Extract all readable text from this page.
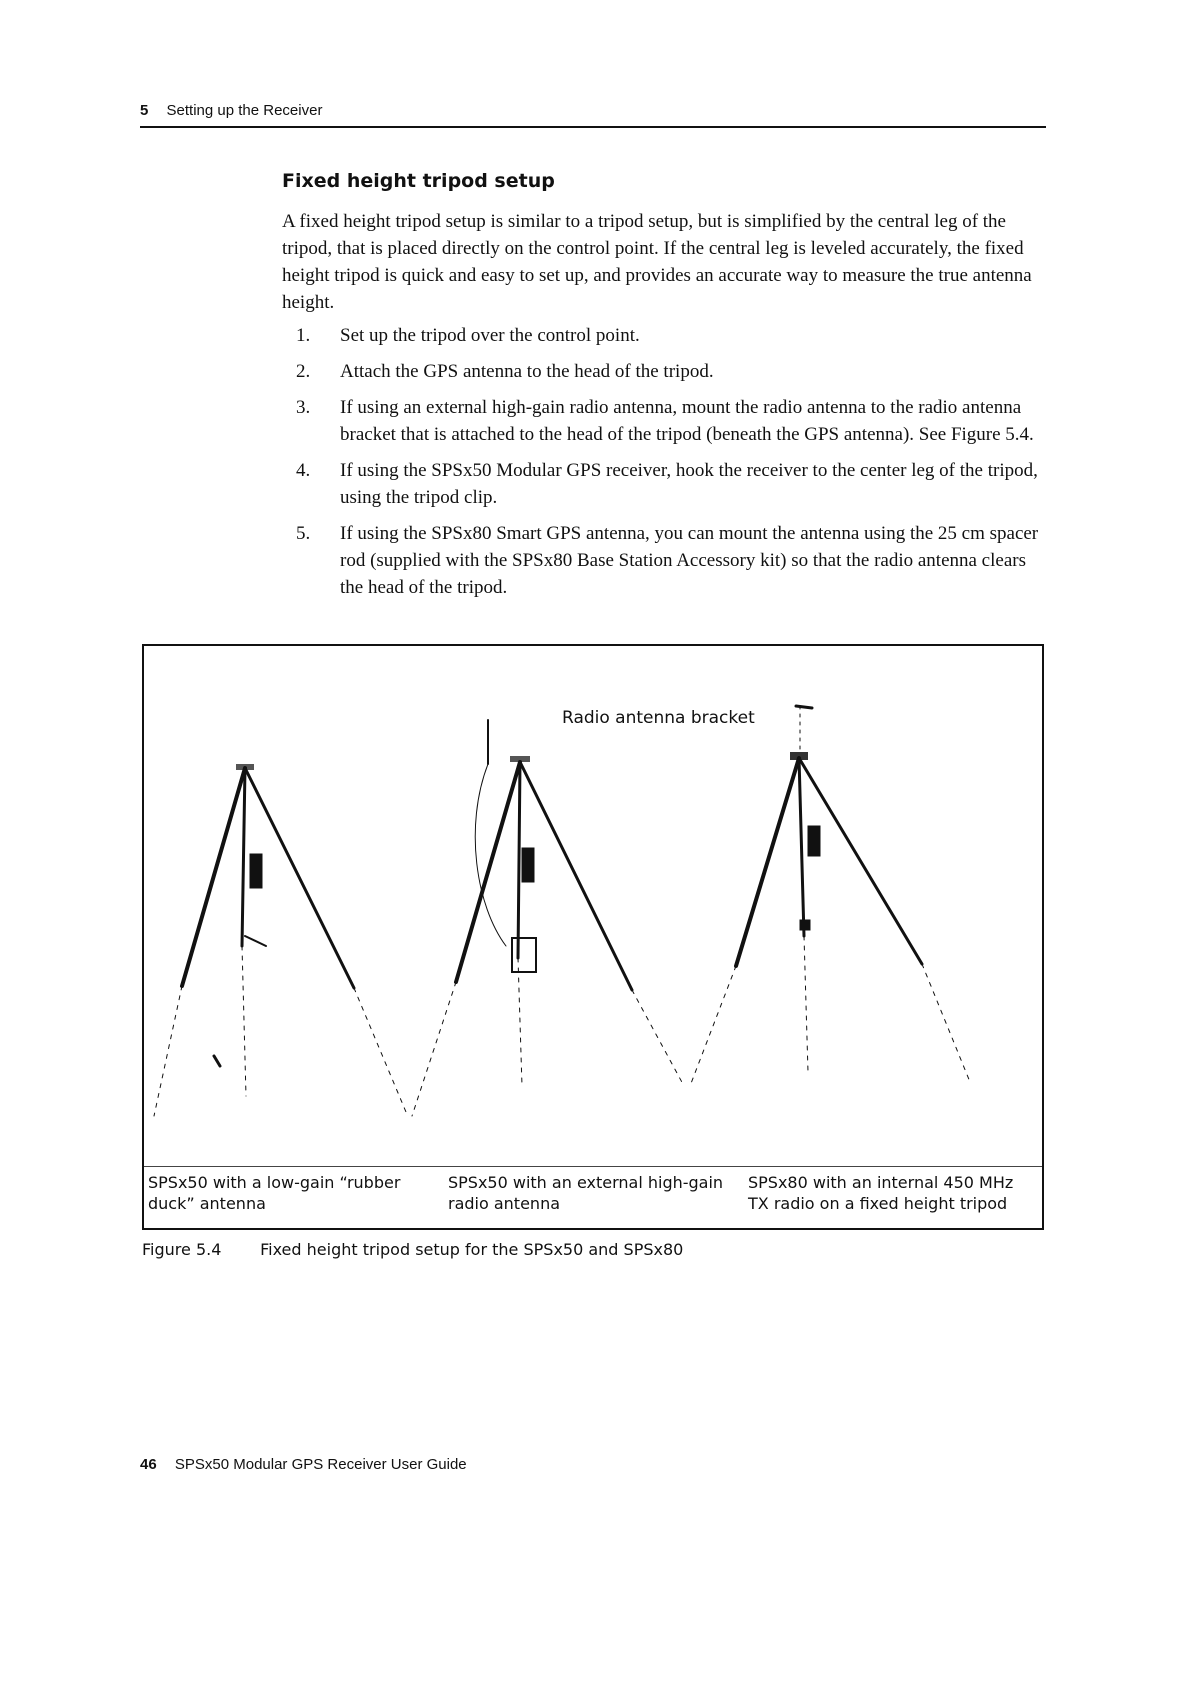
5 Setting up the Receiver
Fixed height tripod setup

A fixed height tripod setup is similar to a tripod setup, but is simplified by the central leg of the tripod, that is placed directly on the control point. If the central leg is leveled accurately, the fixed height tripod is quick and easy to set up, and provides an accurate way to measure the true antenna height.

1. Set up the tripod over the control point.
2. Attach the GPS antenna to the head of the tripod.
3. If using an external high-gain radio antenna, mount the radio antenna to the radio antenna bracket that is attached to the head of the tripod (beneath the GPS antenna). See Figure 5.4.
4. If using the SPSx50 Modular GPS receiver, hook the receiver to the center leg of the tripod, using the tripod clip.
5. If using the SPSx80 Smart GPS antenna, you can mount the antenna using the 25 cm spacer rod (supplied with the SPSx80 Base Station Accessory kit) so that the radio antenna clears the head of the tripod.
Radio antenna bracket
SPSx50 with a low-gain “rubber duck” antenna
SPSx50 with an external high-gain radio antenna
SPSx80 with an internal 450 MHz TX radio on a fixed height tripod
Figure 5.4 Fixed height tripod setup for the SPSx50 and SPSx80
46 SPSx50 Modular GPS Receiver User Guide
